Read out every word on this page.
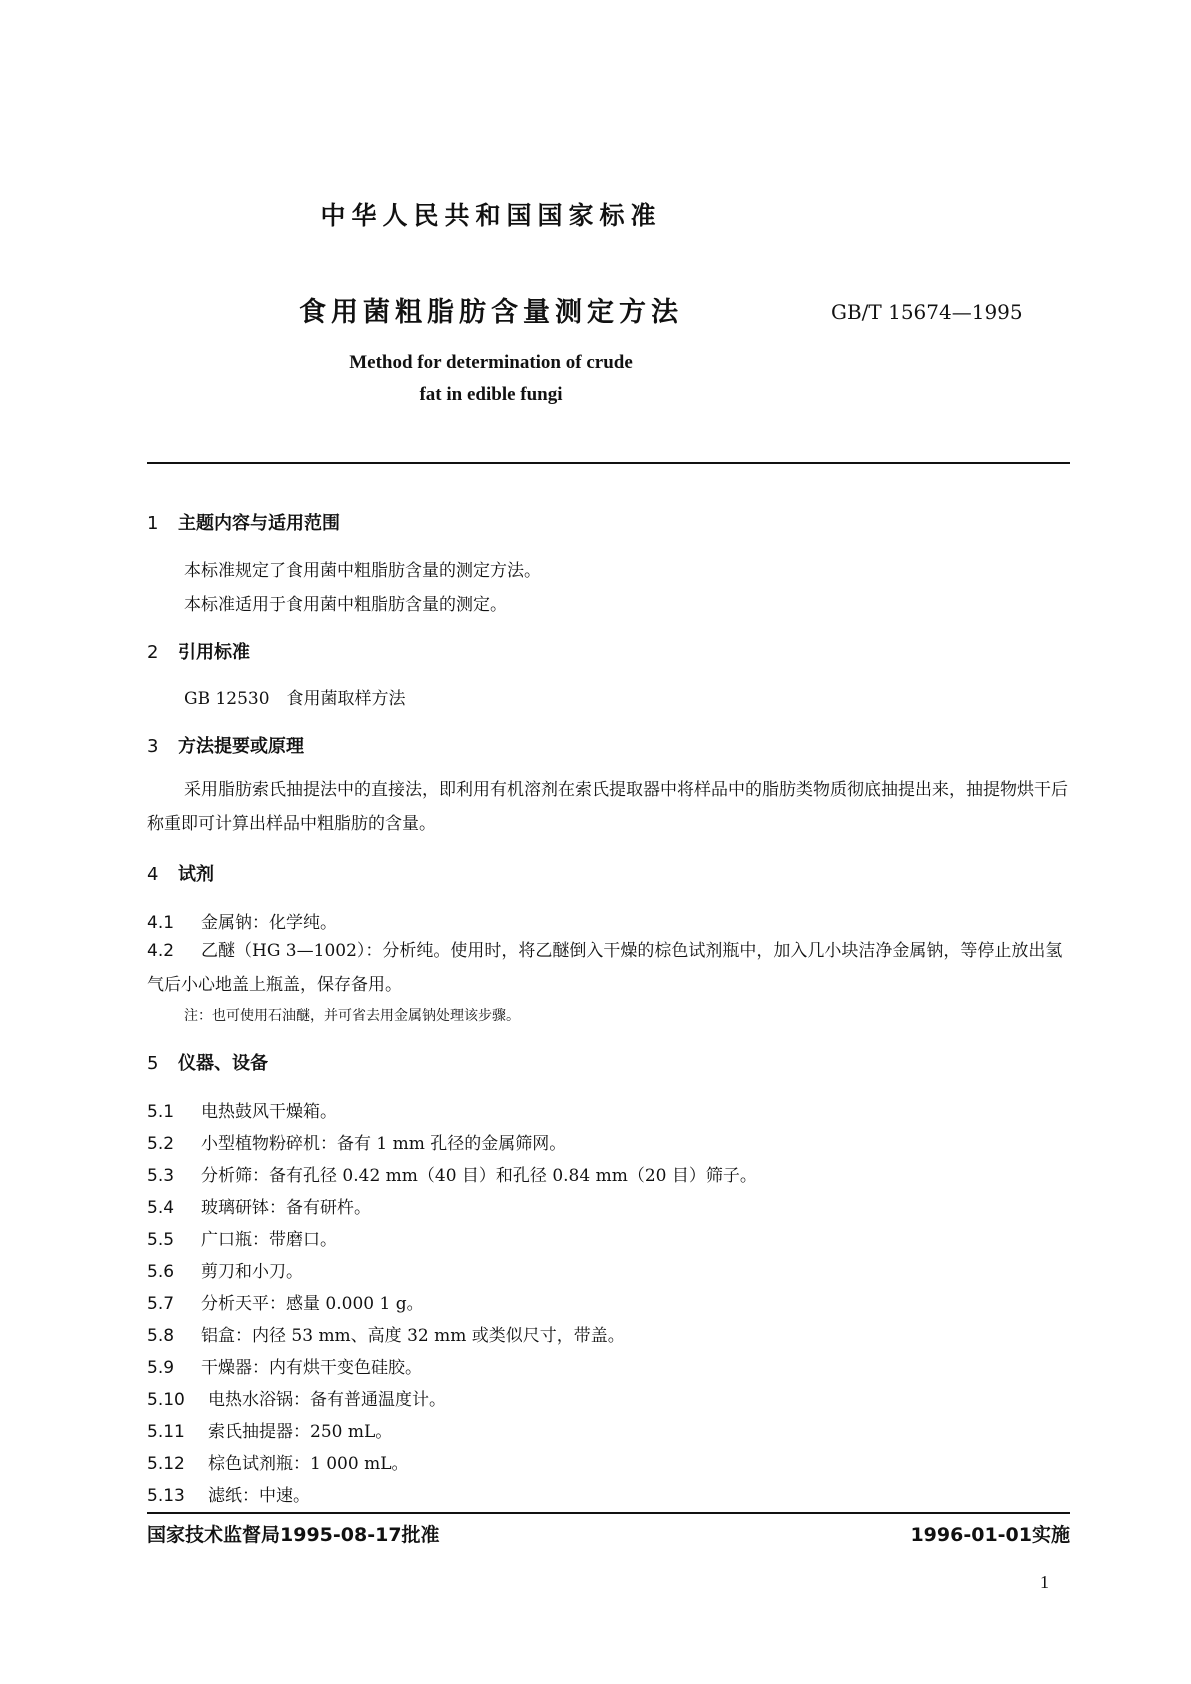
中华人民共和国国家标准
食用菌粗脂肪含量测定方法	GB/T 15674—1995
Method for determination of crude
fat in edible fungi
1 主题内容与适用范围
本标准规定了食用菌中粗脂肪含量的测定方法。
本标准适用于食用菌中粗脂肪含量的测定。
2 引用标准
GB 12530　食用菌取样方法
3 方法提要或原理
采用脂肪索氏抽提法中的直接法，即利用有机溶剂在索氏提取器中将样品中的脂肪类物质彻底抽提出来，抽提物烘干后称重即可计算出样品中粗脂肪的含量。
4 试剂
4.1 金属钠：化学纯。
4.2 乙醚（HG 3—1002）：分析纯。使用时，将乙醚倒入干燥的棕色试剂瓶中，加入几小块洁净金属钠，等停止放出氢气后小心地盖上瓶盖，保存备用。
注：也可使用石油醚，并可省去用金属钠处理该步骤。
5 仪器、设备
5.1 电热鼓风干燥箱。
5.2 小型植物粉碎机：备有 1 mm 孔径的金属筛网。
5.3 分析筛：备有孔径 0.42 mm（40 目）和孔径 0.84 mm（20 目）筛子。
5.4 玻璃研钵：备有研杵。
5.5 广口瓶：带磨口。
5.6 剪刀和小刀。
5.7 分析天平：感量 0.000 1 g。
5.8 铝盒：内径 53 mm、高度 32 mm 或类似尺寸，带盖。
5.9 干燥器：内有烘干变色硅胶。
5.10 电热水浴锅：备有普通温度计。
5.11 索氏抽提器：250 mL。
5.12 棕色试剂瓶：1 000 mL。
5.13 滤纸：中速。
国家技术监督局1995-08-17批准	1996-01-01实施
1
